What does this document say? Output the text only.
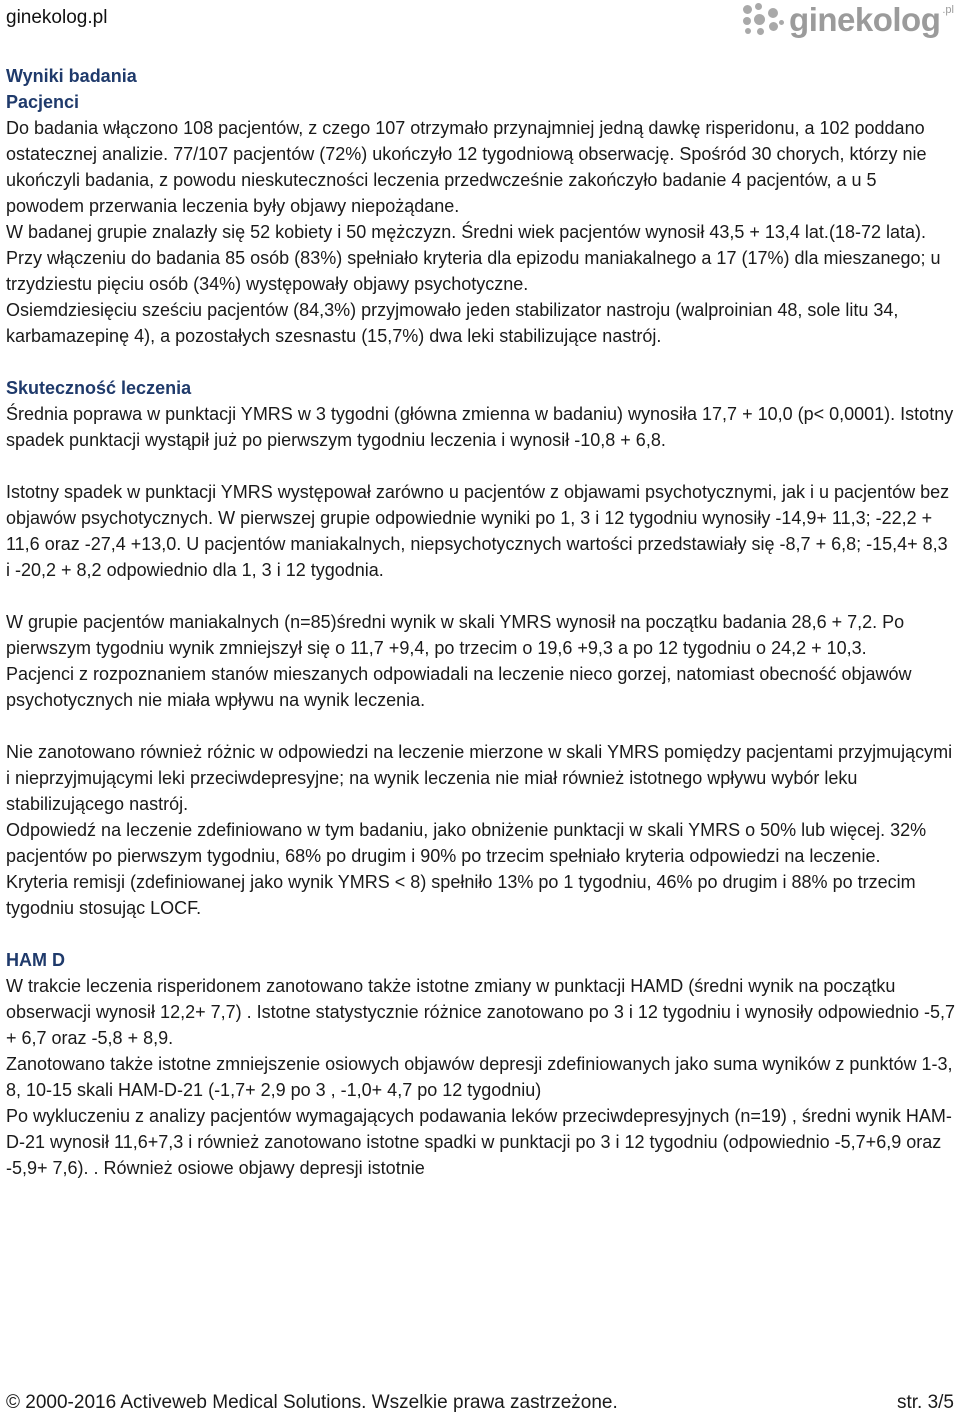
ginekolog.pl	ginekolog .pl

Wyniki badania

Pacjenci

Do badania włączono 108 pacjentów, z czego 107 otrzymało przynajmniej jedną dawkę risperidonu, a 102 poddano ostatecznej analizie. 77/107 pacjentów (72%) ukończyło 12 tygodniową obserwację. Spośród 30 chorych, którzy nie ukończyli badania, z powodu nieskuteczności leczenia przedwcześnie zakończyło badanie 4 pacjentów, a u 5 powodem przerwania leczenia były objawy niepożądane.

W badanej grupie znalazły się 52 kobiety i 50 mężczyzn. Średni wiek pacjentów wynosił 43,5 + 13,4 lat.(18-72 lata). Przy włączeniu do badania 85 osób (83%) spełniało kryteria dla epizodu maniakalnego a 17 (17%) dla mieszanego; u trzydziestu pięciu osób (34%) występowały objawy psychotyczne.

Osiemdziesięciu sześciu pacjentów (84,3%) przyjmowało jeden stabilizator nastroju (walproinian 48, sole litu 34, karbamazepinę 4), a pozostałych szesnastu (15,7%) dwa leki stabilizujące nastrój.

Skuteczność leczenia

Średnia poprawa w punktacji YMRS w 3 tygodni (główna zmienna w badaniu) wynosiła 17,7 + 10,0 (p< 0,0001). Istotny spadek punktacji wystąpił już po pierwszym tygodniu leczenia i wynosił -10,8 + 6,8.

Istotny spadek w punktacji YMRS występował zarówno u pacjentów z objawami psychotycznymi, jak i u pacjentów bez objawów psychotycznych. W pierwszej grupie odpowiednie wyniki po 1, 3 i 12 tygodniu wynosiły -14,9+ 11,3; -22,2 + 11,6 oraz -27,4 +13,0. U pacjentów maniakalnych, niepsychotycznych wartości przedstawiały się -8,7 + 6,8; -15,4+ 8,3 i -20,2 + 8,2 odpowiednio dla 1, 3 i 12 tygodnia.

W grupie pacjentów maniakalnych (n=85)średni wynik w skali YMRS wynosił na początku badania 28,6 + 7,2. Po pierwszym tygodniu wynik zmniejszył się o 11,7 +9,4, po trzecim o 19,6 +9,3 a po 12 tygodniu o 24,2 + 10,3.

Pacjenci z rozpoznaniem stanów mieszanych odpowiadali na leczenie nieco gorzej, natomiast obecność objawów psychotycznych nie miała wpływu na wynik leczenia.

Nie zanotowano również różnic w odpowiedzi na leczenie mierzone w skali YMRS pomiędzy pacjentami przyjmującymi i nieprzyjmującymi leki przeciwdepresyjne; na wynik leczenia nie miał również istotnego wpływu wybór leku stabilizującego nastrój.

Odpowiedź na leczenie zdefiniowano w tym badaniu, jako obniżenie punktacji w skali YMRS o 50% lub więcej. 32% pacjentów po pierwszym tygodniu, 68% po drugim i 90% po trzecim spełniało kryteria odpowiedzi na leczenie.

Kryteria remisji (zdefiniowanej jako wynik YMRS < 8) spełniło 13% po 1 tygodniu, 46% po drugim i 88% po trzecim tygodniu stosując LOCF.

HAM D

W trakcie leczenia risperidonem zanotowano także istotne zmiany w punktacji HAMD (średni wynik na początku obserwacji wynosił 12,2+ 7,7) . Istotne statystycznie różnice zanotowano po 3 i 12 tygodniu i wynosiły odpowiednio -5,7 + 6,7 oraz -5,8 + 8,9.

Zanotowano także istotne zmniejszenie osiowych objawów depresji zdefiniowanych jako suma wyników z punktów 1-3, 8, 10-15 skali HAM-D-21 (-1,7+ 2,9 po 3 , -1,0+ 4,7 po 12 tygodniu)

Po wykluczeniu z analizy pacjentów wymagających podawania leków przeciwdepresyjnych (n=19) , średni wynik HAM-D-21 wynosił 11,6+7,3 i również zanotowano istotne spadki w punktacji po 3 i 12 tygodniu (odpowiednio -5,7+6,9 oraz -5,9+ 7,6). . Również osiowe objawy depresji istotnie

© 2000-2016 Activeweb Medical Solutions. Wszelkie prawa zastrzeżone.	str. 3/5
